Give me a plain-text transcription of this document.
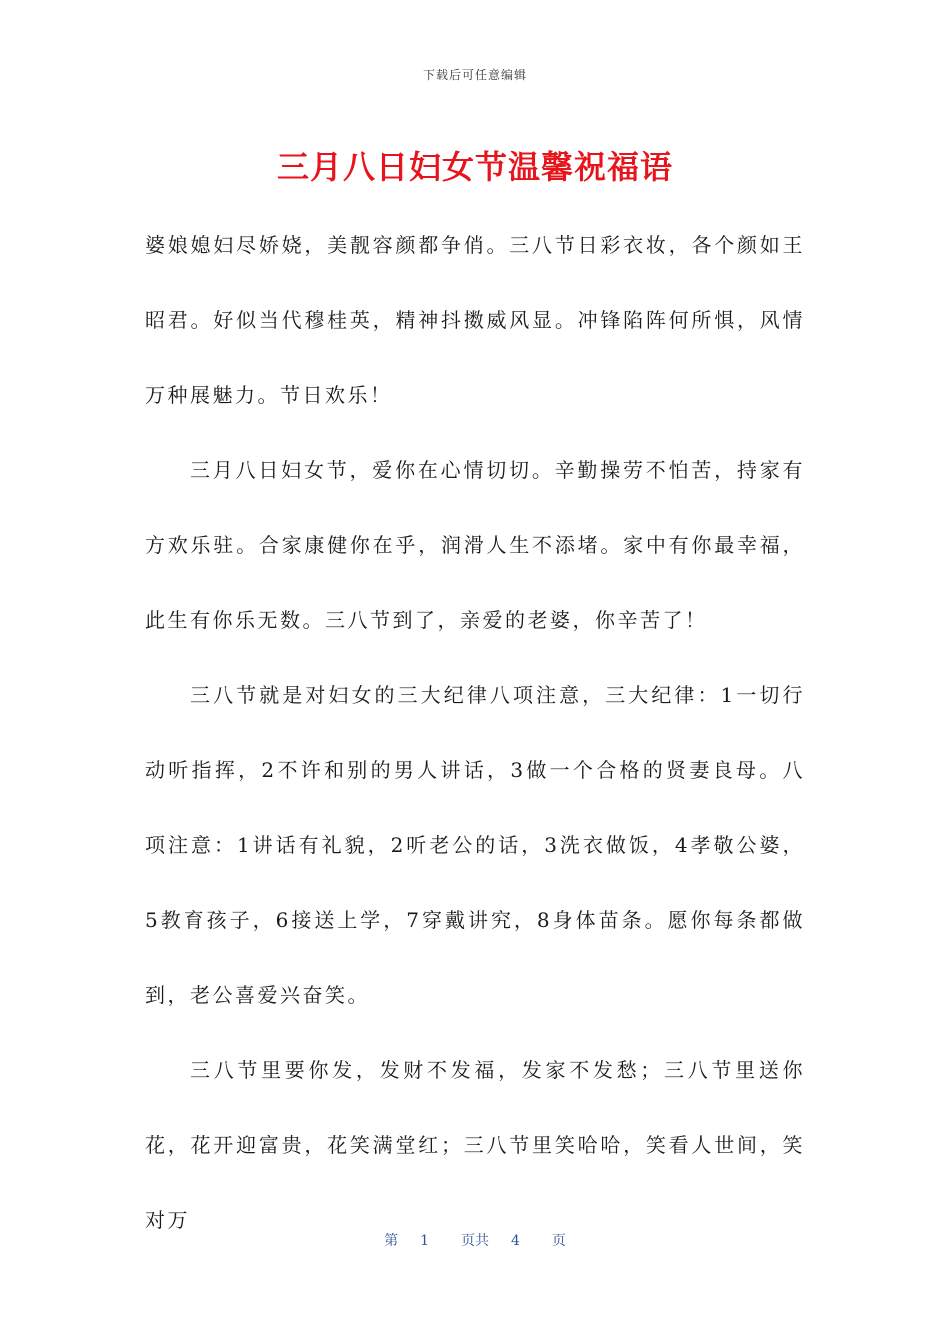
下载后可任意编辑
三月八日妇女节温馨祝福语

婆娘媳妇尽娇娆，美靓容颜都争俏。三八节日彩衣妆，各个颜如王昭君。好似当代穆桂英，精神抖擞威风显。冲锋陷阵何所惧，风情万种展魅力。节日欢乐！

三月八日妇女节，爱你在心情切切。辛勤操劳不怕苦，持家有方欢乐驻。合家康健你在乎，润滑人生不添堵。家中有你最幸福，此生有你乐无数。三八节到了，亲爱的老婆，你辛苦了！

三八节就是对妇女的三大纪律八项注意，三大纪律：1一切行动听指挥，2不许和别的男人讲话，3做一个合格的贤妻良母。八项注意：1讲话有礼貌，2听老公的话，3洗衣做饭，4孝敬公婆，5教育孩子，6接送上学，7穿戴讲究，8身体苗条。愿你每条都做到，老公喜爱兴奋笑。

三八节里要你发，发财不发福，发家不发愁；三八节里送你花，花开迎富贵，花笑满堂红；三八节里笑哈哈，笑看人世间，笑对万

第 1 页共 4 页
